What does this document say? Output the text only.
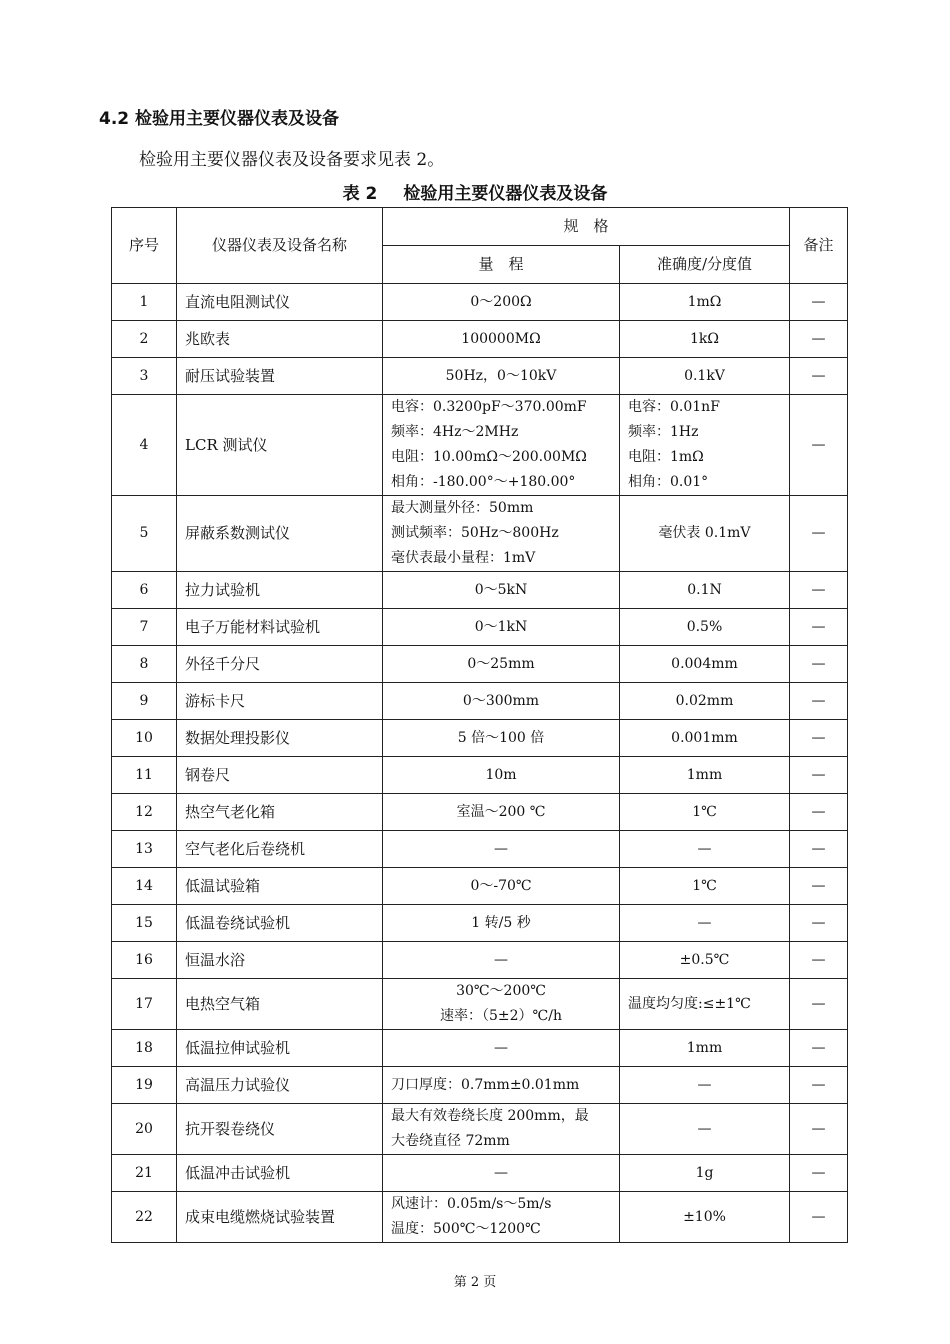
4.2 检验用主要仪器仪表及设备
检验用主要仪器仪表及设备要求见表 2。
表 2 检验用主要仪器仪表及设备
序号	仪器仪表及设备名称	规　格		备注
		量　程	准确度/分度值	
1	直流电阻测试仪	0～200Ω	1mΩ	—
2	兆欧表	100000MΩ	1kΩ	—
3	耐压试验装置	50Hz，0～10kV	0.1kV	—
4	LCR 测试仪	电容：0.3200pF～370.00mF
频率：4Hz～2MHz
电阻：10.00mΩ～200.00MΩ
相角：-180.00°～+180.00°	电容：0.01nF
频率：1Hz
电阻：1mΩ
相角：0.01°	—
5	屏蔽系数测试仪	最大测量外径：50mm
测试频率：50Hz～800Hz
毫伏表最小量程：1mV	毫伏表 0.1mV	—
6	拉力试验机	0～5kN	0.1N	—
7	电子万能材料试验机	0～1kN	0.5%	—
8	外径千分尺	0～25mm	0.004mm	—
9	游标卡尺	0～300mm	0.02mm	—
10	数据处理投影仪	5 倍～100 倍	0.001mm	—
11	钢卷尺	10m	1mm	—
12	热空气老化箱	室温～200 ℃	1℃	—
13	空气老化后卷绕机	—	—	—
14	低温试验箱	0～-70℃	1℃	—
15	低温卷绕试验机	1 转/5 秒	—	—
16	恒温水浴	—	±0.5℃	—
17	电热空气箱	30℃～200℃
速率：（5±2）℃/h	温度均匀度:≤±1℃	—
18	低温拉伸试验机	—	1mm	—
19	高温压力试验仪	刀口厚度：0.7mm±0.01mm	—	—
20	抗开裂卷绕仪	最大有效卷绕长度 200mm，最
大卷绕直径 72mm	—	—
21	低温冲击试验机	—	1g	—
22	成束电缆燃烧试验装置	风速计：0.05m/s～5m/s
温度：500℃～1200℃	±10%	—
第 2 页
